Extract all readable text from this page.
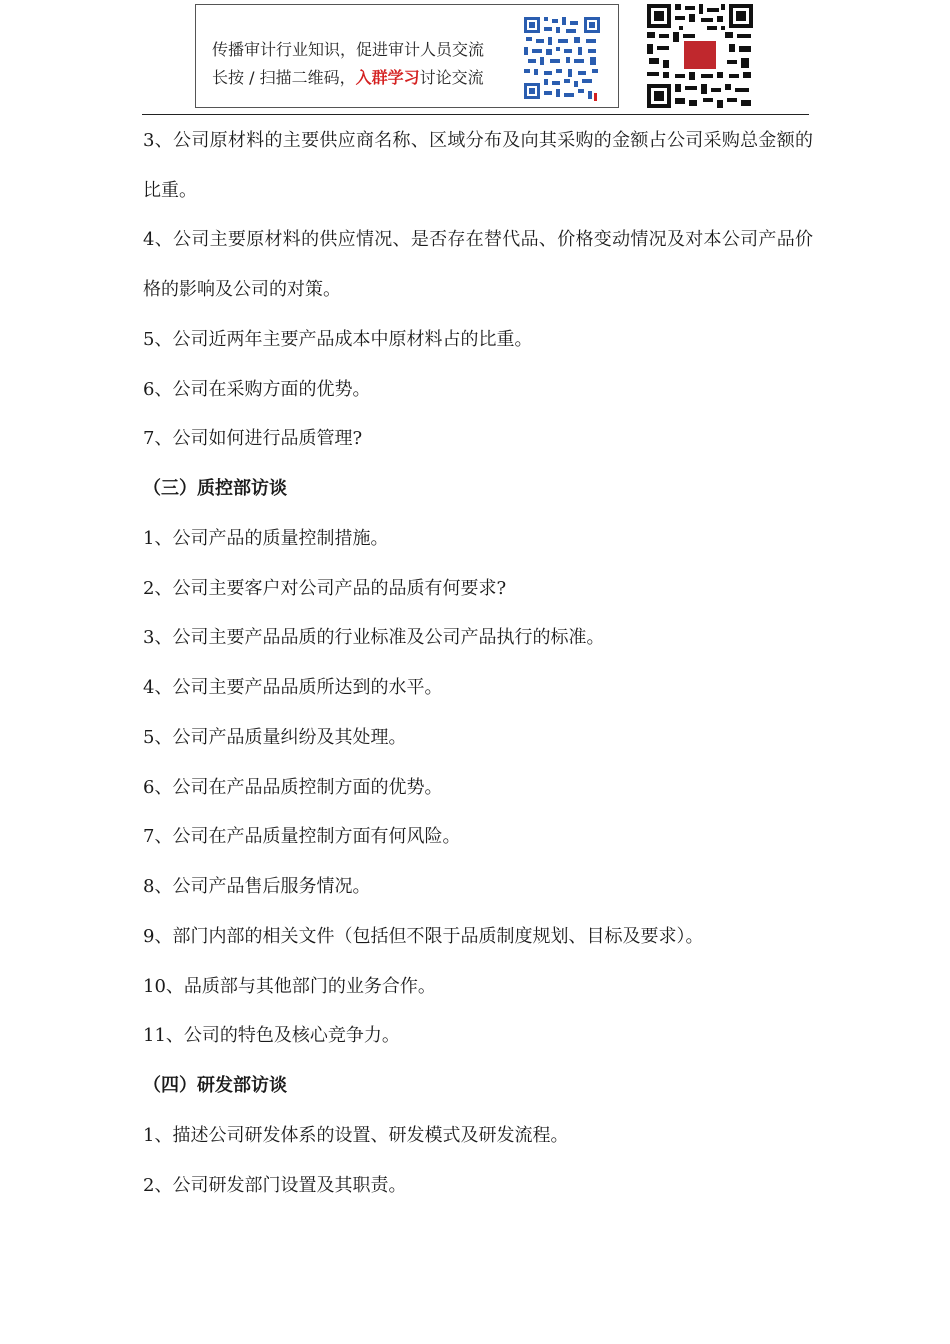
传播审计行业知识，促进审计人员交流
长按 / 扫描二维码，入群学习讨论交流
3、公司原材料的主要供应商名称、区域分布及向其采购的金额占公司采购总金额的比重。
4、公司主要原材料的供应情况、是否存在替代品、价格变动情况及对本公司产品价格的影响及公司的对策。
5、公司近两年主要产品成本中原材料占的比重。
6、公司在采购方面的优势。
7、公司如何进行品质管理?
（三）质控部访谈
1、公司产品的质量控制措施。
2、公司主要客户对公司产品的品质有何要求?
3、公司主要产品品质的行业标准及公司产品执行的标准。
4、公司主要产品品质所达到的水平。
5、公司产品质量纠纷及其处理。
6、公司在产品品质控制方面的优势。
7、公司在产品质量控制方面有何风险。
8、公司产品售后服务情况。
9、部门内部的相关文件（包括但不限于品质制度规划、目标及要求）。
10、品质部与其他部门的业务合作。
11、公司的特色及核心竞争力。
（四）研发部访谈
1、描述公司研发体系的设置、研发模式及研发流程。
2、公司研发部门设置及其职责。
